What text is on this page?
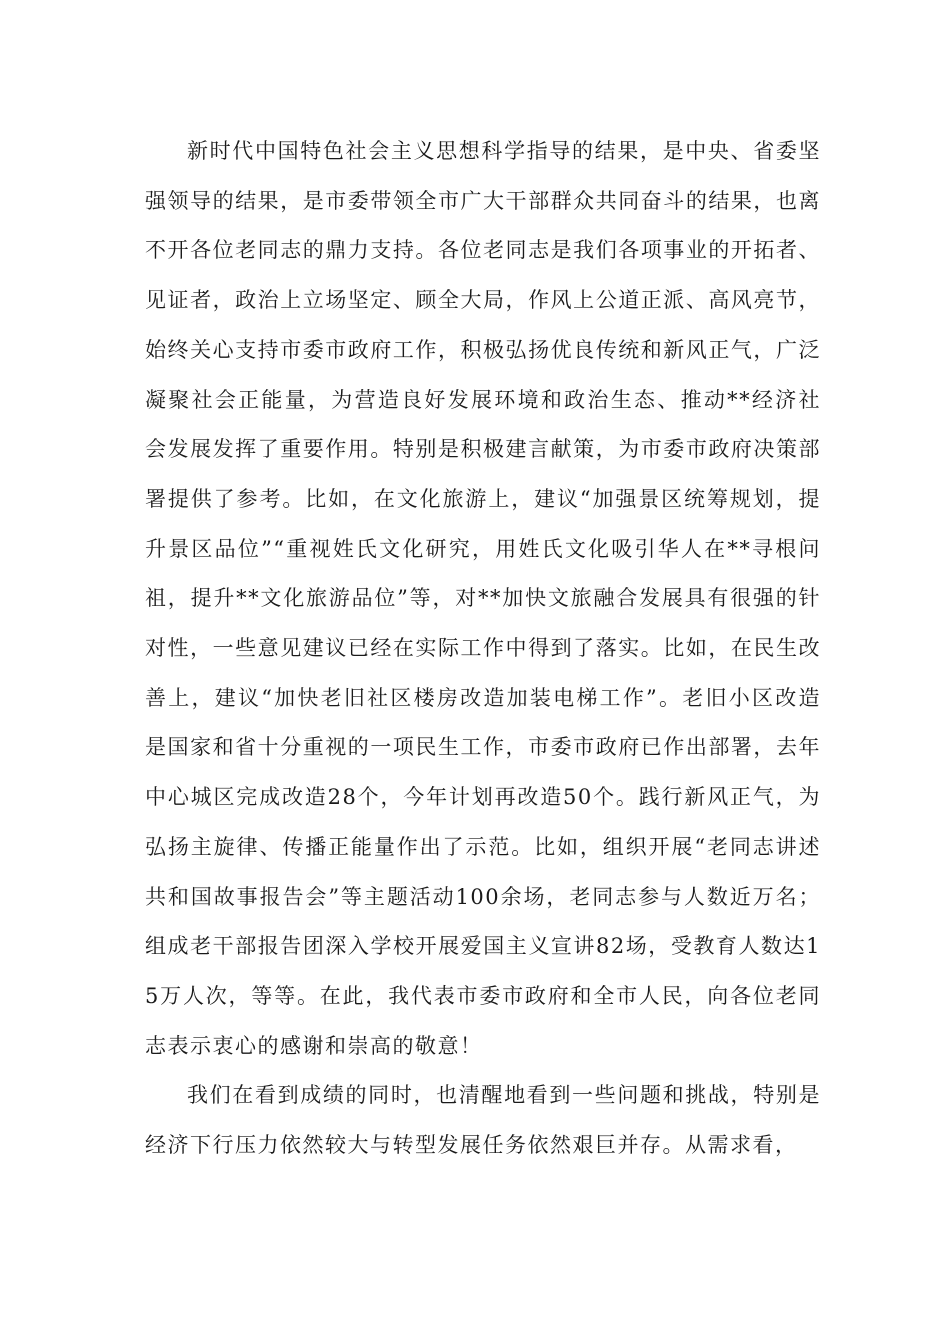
新时代中国特色社会主义思想科学指导的结果，是中央、省委坚强领导的结果，是市委带领全市广大干部群众共同奋斗的结果，也离不开各位老同志的鼎力支持。各位老同志是我们各项事业的开拓者、见证者，政治上立场坚定、顾全大局，作风上公道正派、高风亮节，始终关心支持市委市政府工作，积极弘扬优良传统和新风正气，广泛凝聚社会正能量，为营造良好发展环境和政治生态、推动**经济社会发展发挥了重要作用。特别是积极建言献策，为市委市政府决策部署提供了参考。比如，在文化旅游上，建议“加强景区统筹规划，提升景区品位”“重视姓氏文化研究，用姓氏文化吸引华人在**寻根问祖，提升**文化旅游品位”等，对**加快文旅融合发展具有很强的针对性，一些意见建议已经在实际工作中得到了落实。比如，在民生改善上，建议“加快老旧社区楼房改造加装电梯工作”。老旧小区改造是国家和省十分重视的一项民生工作，市委市政府已作出部署，去年中心城区完成改造28个，今年计划再改造50个。践行新风正气，为弘扬主旋律、传播正能量作出了示范。比如，组织开展“老同志讲述共和国故事报告会”等主题活动100余场，老同志参与人数近万名；组成老干部报告团深入学校开展爱国主义宣讲82场，受教育人数达15万人次，等等。在此，我代表市委市政府和全市人民，向各位老同志表示衷心的感谢和崇高的敬意！

我们在看到成绩的同时，也清醒地看到一些问题和挑战，特别是经济下行压力依然较大与转型发展任务依然艰巨并存。从需求看，
